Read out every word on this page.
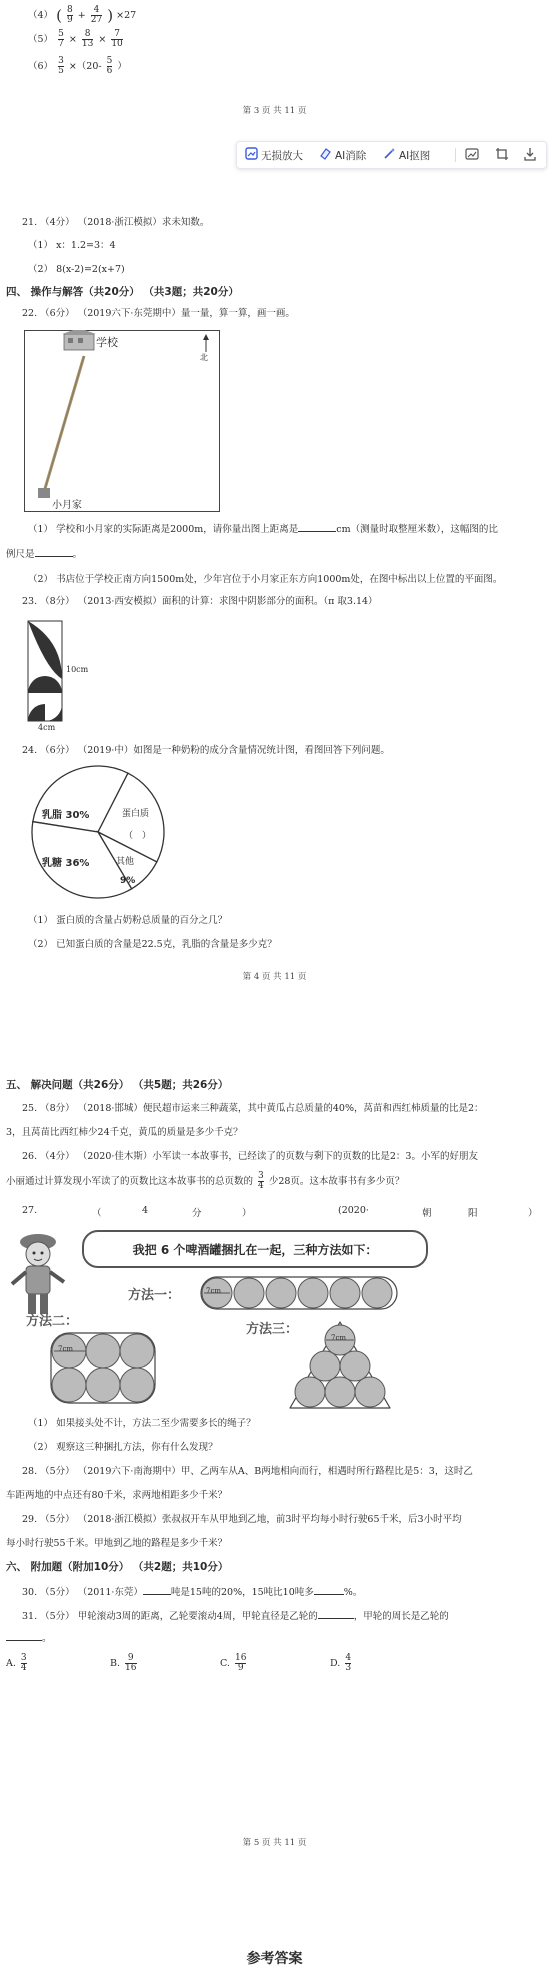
（4） ( $\frac{8}{9} + \frac{4}{27}$ ) ×27
$(5) \frac{5}{7} \times \frac{8}{13} \times \frac{7}{10}$
$(6) \frac{3}{5} \times(20- \frac{5}{6}$ ）
第 3 页 共 11 页
无损放大	AI消除	AI抠图
21. （4分） （2018·浙江模拟）求未知数。
（1） x：1.2=3：4
（2） 8(x-2)=2(x+7)
四、 操作与解答（共20分） （共3题；共20分）
22. （6分） （2019六下·东莞期中）量一量，算一算，画一画。
学校
小月家
北
（1） 学校和小月家的实际距离是2000m，请你量出图上距离是	cm（测量时取整厘米数），这幅图的比
例尺是	。
（2） 书店位于学校正南方向1500m处，少年宫位于小月家正东方向1000m处，在图中标出以上位置的平面图。
23. （8分） （2013·西安模拟）面积的计算：求图中阴影部分的面积。（π 取3.14）
10cm
4cm
24. （6分） （2019·中）如图是一种奶粉的成分含量情况统计图，看图回答下列问题。
乳脂 30%	蛋白质
（　）
乳糖 36%	其他
9%
（1） 蛋白质的含量占奶粉总质量的百分之几？
（2） 已知蛋白质的含量是22.5克，乳脂的含量是多少克？
第 4 页 共 11 页
五、 解决问题（共26分） （共5题；共26分）
25. （8分） （2018·邯城）便民超市运来三种蔬菜，其中黄瓜占总质量的40%，莴苗和西红柿质量的比是2：
3，且莴苗比西红柿少24千克，黄瓜的质量是多少千克？
26. （4分） （2020·佳木斯）小军读一本故事书，已经读了的页数与剩下的页数的比是2：3。小军的好朋友
小丽通过计算发现小军读了的页数比这本故事书的总页数的 $\frac{3}{4}$ 少28页。这本故事书有多少页？
27.	（	4	分	）	(2020·	朝	阳	）
我把 6 个啤酒罐捆扎在一起，三种方法如下：
方法一：	7cm
方法二：
方法三：
7cm
7cm
（1） 如果接头处不计，方法二至少需要多长的绳子？
（2） 观察这三种捆扎方法，你有什么发现？
28. （5分） （2019六下·南海期中）甲、乙两车从A、B两地相向而行，相遇时所行路程比是5：3，这时乙
车距两地的中点还有80千米，求两地相距多少千米？
29. （5分） （2018·浙江模拟）张叔叔开车从甲地到乙地，前3时平均每小时行驶65千米，后3小时平均
每小时行驶55千米。甲地到乙地的路程是多少千米？
六、 附加题（附加10分） （共2题；共10分）
30. （5分） （2011·东莞）	吨是15吨的20%，15吨比10吨多	%。
31. （5分） 甲轮滚动3周的距离，乙轮要滚动4周，甲轮直径是乙轮的	，甲轮的周长是乙轮的
。
A. $\frac{3}{4}$	B. $\frac{9}{16}$	C. $\frac{16}{9}$	D. $\frac{4}{3}$
第 5 页 共 11 页
参考答案
